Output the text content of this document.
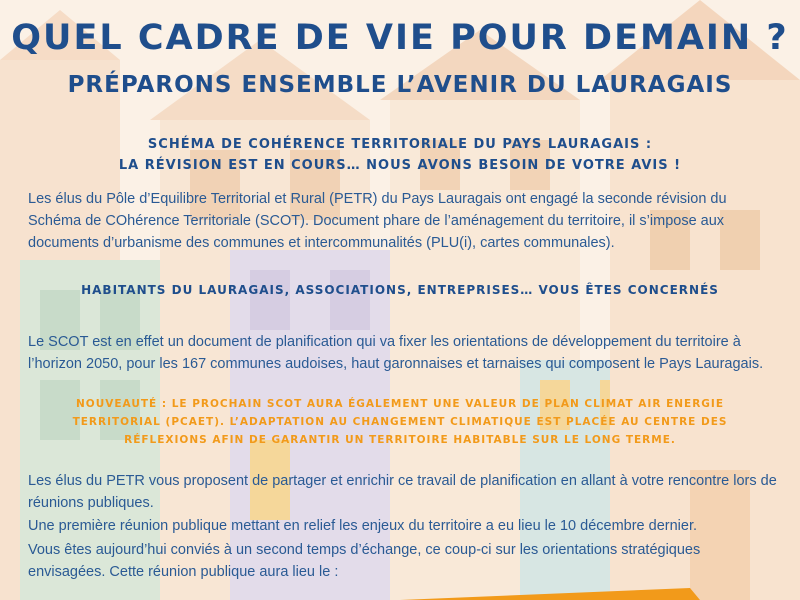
QUEL CADRE DE VIE POUR DEMAIN ?
PRÉPARONS ENSEMBLE L’AVENIR DU LAURAGAIS
SCHÉMA DE COHÉRENCE TERRITORIALE DU PAYS LAURAGAIS :
LA RÉVISION EST EN COURS… NOUS AVONS BESOIN DE VOTRE AVIS !
Les élus du Pôle d’Equilibre Territorial et Rural (PETR) du Pays Lauragais ont engagé la seconde révision du Schéma de COhérence Territoriale (SCOT). Document phare de l’aménagement du territoire, il s’impose aux documents d’urbanisme des communes et intercommunalités (PLU(i), cartes communales).
HABITANTS DU LAURAGAIS, ASSOCIATIONS, ENTREPRISES… VOUS ÊTES CONCERNÉS
Le SCOT est en effet un document de planification qui va fixer les orientations de développement du territoire à l’horizon 2050, pour les 167 communes audoises, haut garonnaises et tarnaises qui composent le Pays Lauragais.
NOUVEAUTÉ : LE PROCHAIN SCOT AURA ÉGALEMENT UNE VALEUR DE PLAN CLIMAT AIR ENERGIE
TERRITORIAL (PCAET). L’ADAPTATION AU CHANGEMENT CLIMATIQUE EST PLACÉE AU CENTRE DES
RÉFLEXIONS AFIN DE GARANTIR UN TERRITOIRE HABITABLE SUR LE LONG TERME.
Les élus du PETR vous proposent de partager et enrichir ce travail de planification en allant à votre rencontre lors de réunions publiques.
Une première réunion publique mettant en relief les enjeux du territoire a eu lieu le 10 décembre dernier.
Vous êtes aujourd’hui conviés à un second temps d’échange, ce coup-ci sur les orientations stratégiques envisagées. Cette réunion publique aura lieu le :
